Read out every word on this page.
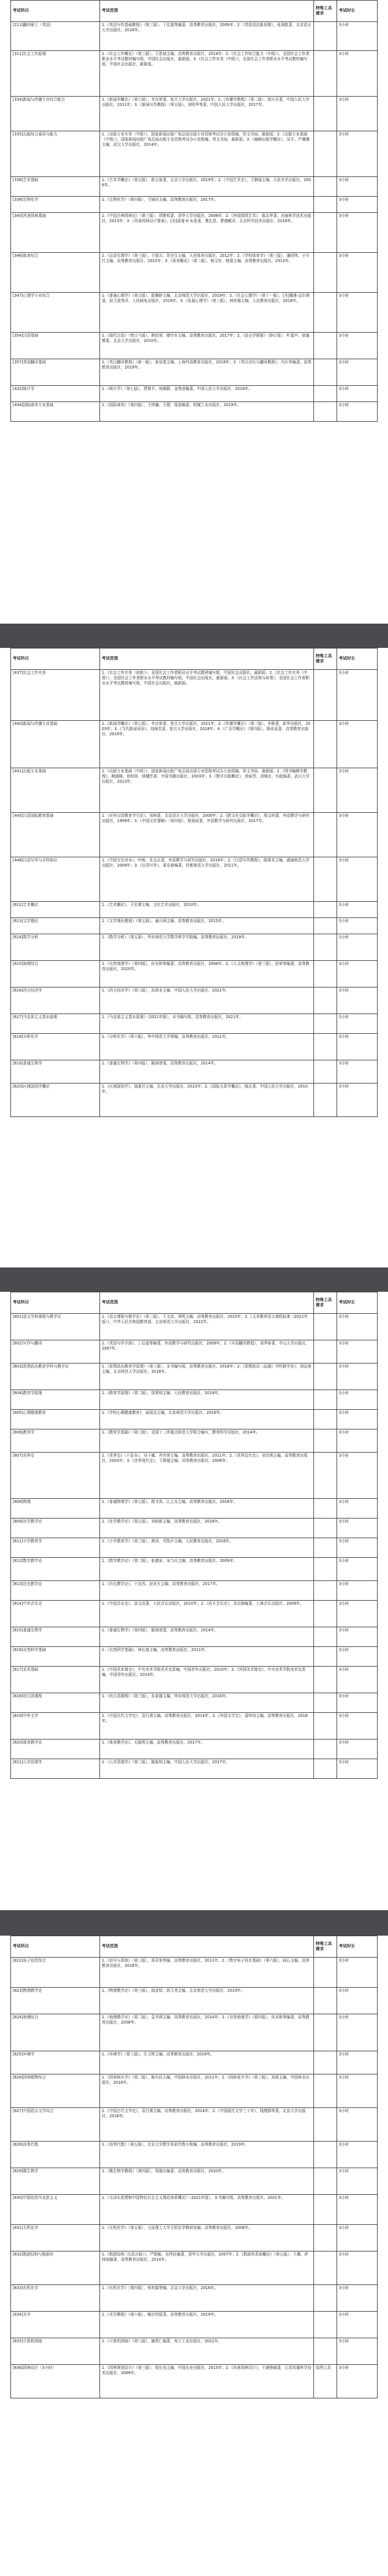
考试科目	考试范围	特殊工具需求	考试时长
[211]翻译硕士（英语）	1.《英语写作基础教程》（第三版），丁往道等编著，高等教育出版社，2009年；2.《英语语法新思维》，张满胜著，北京语言大学出版社，2016年。		3小时
[311]社会工作原理	1.《社会工作概论》（第三版），王思斌主编，高等教育出版社，2014年；2.《社会工作综合能力（中级）》，全国社会工作者职业水平考试教材编写组，中国社会出版社，最新版；3.《社会工作实务（中级）》，全国社会工作者职业水平考试教材编写组，中国社会出版社，最新版。		3小时
[334]新闻与传播专业综合能力	1.《新闻学概论》（第七版），李良荣著，复旦大学出版社，2021年；2.《传播学教程》（第二版），郭庆光著，中国人民大学出版社，2011年；3.《新闻写作教程》（第五版），刘明华等著，中国人民大学出版社，2017年。		3小时
[335]出版综合素质与能力	1.《出版专业实务（中级）》，国家新闻出版广电总局出版专业资格考试办公室组编，崇文书局，最新版；2.《出版专业基础（中级）》，国家新闻出版广电总局出版专业资格考试办公室组编，崇文书局，最新版；3.《编辑出版学概论》，吴平、芦珊珊主编，武汉大学出版社，2014年。		3小时
[336]艺术基础	1.《艺术学概论》（第五版），彭吉象著，北京大学出版社，2019年；2.《中国艺术史》，王朝闻主编，人民美术出版社，2006年。		3小时
[338]生物化学	1.《生物化学》（第四版），王镜岩主编，高等教育出版社，2017年。		3小时
[340]风景园林基础	1.《中国古典园林史》（第三版），周维权著，清华大学出版社，2008年；2.《外国造园艺术》，陈志华著，河南科学技术出版社，2013年；3.《风景园林设计要素》，[美]诺曼·K·布思著，曹礼昆、曹德鲲译，北京科学技术出版社，2018年。		3小时
[346]体育综合	1.《运动生理学》（第三版），王瑞元、苏全生主编，人民体育出版社，2012年；2.《学校体育学》（第三版），潘绍伟、于可红主编，高等教育出版社，2015年；3.《体育概论》（第二版），杨文轩、杨霆主编，高等教育出版社，2013年。		3小时
[347]心理学专业综合	1.《普通心理学》（第五版），彭聃龄主编，北京师范大学出版社，2019年；2.《社会心理学》（第十一版），[美]戴维·迈尔斯著，侯玉波等译，人民邮电出版社，2016年；3.《发展心理学》（第三版），林崇德主编，人民教育出版社，2018年。		3小时
[354]汉语基础	1.《现代汉语》（增订六版），黄伯荣、廖序东主编，高等教育出版社，2017年；2.《语言学纲要》（修订版），叶蜚声、徐通锵著，北京大学出版社，2010年。		3小时
[357]英语翻译基础	1.《英汉翻译教程》（新一版），张培基主编，上海外语教育出版社，2018年；2.《英汉对比与翻译教程》，冯庆华编著，高等教育出版社，2019年。		3小时
[432]统计学	1.《统计学》（第七版），贾俊平、何晓群、金勇进编著，中国人民大学出版社，2018年。		3小时
[434]国际商务专业基础	1.《国际商务》（第四版），王炜瀚、王健、梁蓓编著，机械工业出版社，2019年。		3小时
考试科目	考试范围	特殊工具需求	考试时长
[437]社会工作实务	1.《社会工作实务（初级）》，全国社会工作者职业水平考试教材编写组，中国社会出版社，最新版；2.《社会工作实务（中级）》，全国社会工作者职业水平考试教材编写组，中国社会出版社，最新版；3.《社会工作法规与政策》，全国社会工作者职业水平考试教材编写组，中国社会出版社，最新版。		3小时
[440]新闻与传播专业基础	1.《新闻学概论》（第七版），李良荣著，复旦大学出版社，2021年；2.《传播学概论》（第二版），李彬著，新华出版社，2003年；3.《当代新闻采访》，刘海贵著，复旦大学出版社，2018年；4.《广告学概论》（第四版），陈培爱著，高等教育出版社，2019年。		3小时
[441]出版专业基础	1.《出版专业基础（中级）》，国家新闻出版广电总局出版专业资格考试办公室组编，崇文书局，最新版；2.《图书编辑学教程》，阙道隆、徐柏容、林穗芳著，中国书籍出版社，2003年；3.《数字出版概论》，徐丽芳、刘锦宏、丛挺编著，武汉大学出版社，2013年。		3小时
[445]汉语国际教育基础	1.《对外汉语教育学引论》，刘珣著，北京语言大学出版社，2000年；2.《跨文化交际学概论》，胡文仲著，外语教学与研究出版社，1999年；3.《中国文化要略》（第四版），程裕祯著，外语教学与研究出版社，2017年。		3小时
[448]汉语写作与百科知识	1.《中国文化读本》，叶朗、朱良志著，外语教学与研究出版社，2016年；2.《汉语写作教程》，陈果安主编，湖南师范大学出版社，2009年；3.《应用写作》，夏京春编著，首都师范大学出版社，2011年。		3小时
[612]艺术概论	1.《艺术概论》，王宏建主编，文化艺术出版社，2010年。		3小时
[613]文学理论	1.《文学理论教程》（第五版），童庆炳主编，高等教育出版社，2015年。		3小时
[614]数学分析	1.《数学分析》（第五版），华东师范大学数学科学学院编，高等教育出版社，2019年。		3小时
[615]地理综合	1.《自然地理学》（第四版），伍光和等编著，高等教育出版社，2008年；2.《人文地理学》（第三版），赵荣等编著，高等教育出版社，2020年。		3小时
[616]西方经济学	1.《西方经济学》（第八版），高鸿业主编，中国人民大学出版社，2021年。		3小时
[617]马克思主义基本原理	1.《马克思主义基本原理》（2021年版），本书编写组，高等教育出版社，2021年。		3小时
[618]分析化学	1.《分析化学》（第六版），华中师范大学等编，高等教育出版社，2011年。		3小时
[619]普通生物学	1.《普通生物学》（第四版），陈阅增著，高等教育出版社，2014年。		3小时
[620]区域国别学概论	1.《区域国别学》，钱乘旦主编，北京大学出版社，2023年；2.《国际关系学概论》，陈岳著，中国人民大学出版社，2010年。		3小时
考试科目	考试范围	特殊工具需求	考试时长
[801]语文学科课程与教学论	1.《语文课程与教学论》（第二版），王文彦、蔡明主编，高等教育出版社，2015年；2.《义务教育语文课程标准（2022年版）》，中华人民共和国教育部，北京师范大学出版社，2022年。		3小时
[802]写作与翻译	1.《英语写作手册》，丁往道等编著，外语教学与研究出版社，2009年；2.《实用翻译教程》，刘季春著，中山大学出版社，2007年。		3小时
[803]思想政治教育学科与教学论	1.《思想政治教育学原理》（第三版），本书编写组，高等教育出版社，2018年；2.《思想政治（品德）学科教学论》，胡田庚主编，北京师范大学出版社，2018年。		3小时
[804]教育学原理	1.《教育学原理》（第二版），项贤明主编，人民教育出版社，2019年。		3小时
[805]心理健康教育	1.《学校心理健康教育》，俞国良主编，北京师范大学出版社，2016年。		3小时
[806]教育学	1.《教育学基础》（第三版），全国十二所重点师范大学联合编写，教育科学出版社，2014年。		3小时
[807]世界史	1.《世界史》（六卷本），吴于廑、齐世荣主编，高等教育出版社，2011年；2.《世界近代史》，刘宗绪主编，高等教育出版社，2003年；3.《世界现代史》，王斯德主编，高等教育出版社，2006年。		3小时
[808]物理	1.《普通物理学》（第七版），程守洙、江之永主编，高等教育出版社，2016年。		3小时
[809]化学教学论	1.《化学教学论》（第五版），刘知新主编，高等教育出版社，2018年。		3小时
[811]小学教育学	1.《小学教育学》（第三版），黄济、劳凯声主编，人民教育出版社，2016年。		3小时
[812]数学教学论	1.《数学教学论》（第二版），张奠宙、宋乃庆主编，高等教育出版社，2009年。		3小时
[813]历史教学论	1.《历史教学论》，于友西、赵亚夫主编，高等教育出版社，2017年。		3小时
[814]中外音乐史	1.《中国音乐史》，金文达著，人民音乐出版社，2010年；2.《西方音乐史》，余志刚编著，上海音乐出版社，2006年。		3小时
[815]普通生物学	1.《普通生物学》（第四版），陈阅增著，高等教育出版社，2014年。		3小时
[816]自然科学基础	1.《自然科学基础》，林长春主编，高等教育出版社，2011年。		3小时
[817]美术基础	1.《中国美术简史》，中央美术学院美术史系编，中国青年出版社，2010年；2.《外国美术简史》，中央美术学院美术史系编，中国青年出版社，2014年。		3小时
[818]幼儿园课程	1.《幼儿园课程》（第三版），朱家雄主编，华东师范大学出版社，2018年。		3小时
[819]中外文学	1.《中国古代文学史》，袁行霈主编，高等教育出版社，2014年；2.《外国文学史》，聂珍钊主编，高等教育出版社，2018年。		3小时
[820]体育教学论	1.《体育教学论》，毛振明主编，高等教育出版社，2017年。		3小时
[821]公共管理学	1.《公共管理学》（第二版），陈振明主编，中国人民大学出版社，2017年。		3小时
考试科目	考试范围	特殊工具需求	考试时长
[822]电子信息综合	1.《信号与系统》（第三版），郑君里等编，高等教育出版社，2011年；2.《数字电子技术基础》（第六版），阎石主编，高等教育出版社，2016年。		3小时
[823]物理教学论	1.《物理教学论》（第三版），阎金铎、郭玉英主编，北京师范大学出版社，2019年。		3小时
[824]地理综合	1.《地理教学论》（第二版），袁书琪主编，高等教育出版社，2014年；2.《自然地理学》（第四版），伍光和等编著，高等教育出版社，2008年。		3小时
[825]环境学	1.《环境学》（第三版），左玉辉主编，高等教育出版社，2019年。		3小时
[826]园林植物综合	1.《园林树木学》（第二版），陈有民主编，中国林业出版社，2011年；2.《园林花卉学》（第三版），刘燕主编，中国林业出版社，2016年。		3小时
[827]中国语言文学综合	1.《中国古代文学史》，袁行霈主编，高等教育出版社，2014年；2.《中国现代文学三十年》，钱理群等著，北京大学出版社，2016年。		3小时
[828]高等代数	1.《高等代数》（第五版），北京大学数学系前代数小组编，高等教育出版社，2019年。		3小时
[829]微生物学	1.《微生物学教程》（第四版），周德庆编著，高等教育出版社，2020年。		3小时
[830]中国化的马克思主义	1.《毛泽东思想和中国特色社会主义理论体系概论》（2021年版），本书编写组，高等教育出版社，2021年。		3小时
[831]无机化学	1.《无机化学》（第五版），大连理工大学无机化学教研室编，高等教育出版社，2006年。		3小时
[832]数据结构与数据库	1.《数据结构（C语言版）》，严蔚敏、吴伟民编著，清华大学出版社，2007年；2.《数据库系统概论》（第五版），王珊、萨师煊编著，高等教育出版社，2014年。		3小时
[833]有机化学	1.《有机化学》（第四版），邢其毅等编，北京大学出版社，2016年。		3小时
[834]光学	1.《光学教程》（第六版），姚启钧原著，高等教育出版社，2019年。		3小时
[835]计算机网络	1.《计算机网络》（第八版），谢希仁编著，电子工业出版社，2021年。		3小时
[836]园林设计（3小时）	1.《园林规划设计》（第三版），胡长龙主编，中国农业出版社，2015年；2.《风景园林设计》，王晓俊编著，江苏凤凰科学技术出版社，2009年。	绘图工具	3小时
